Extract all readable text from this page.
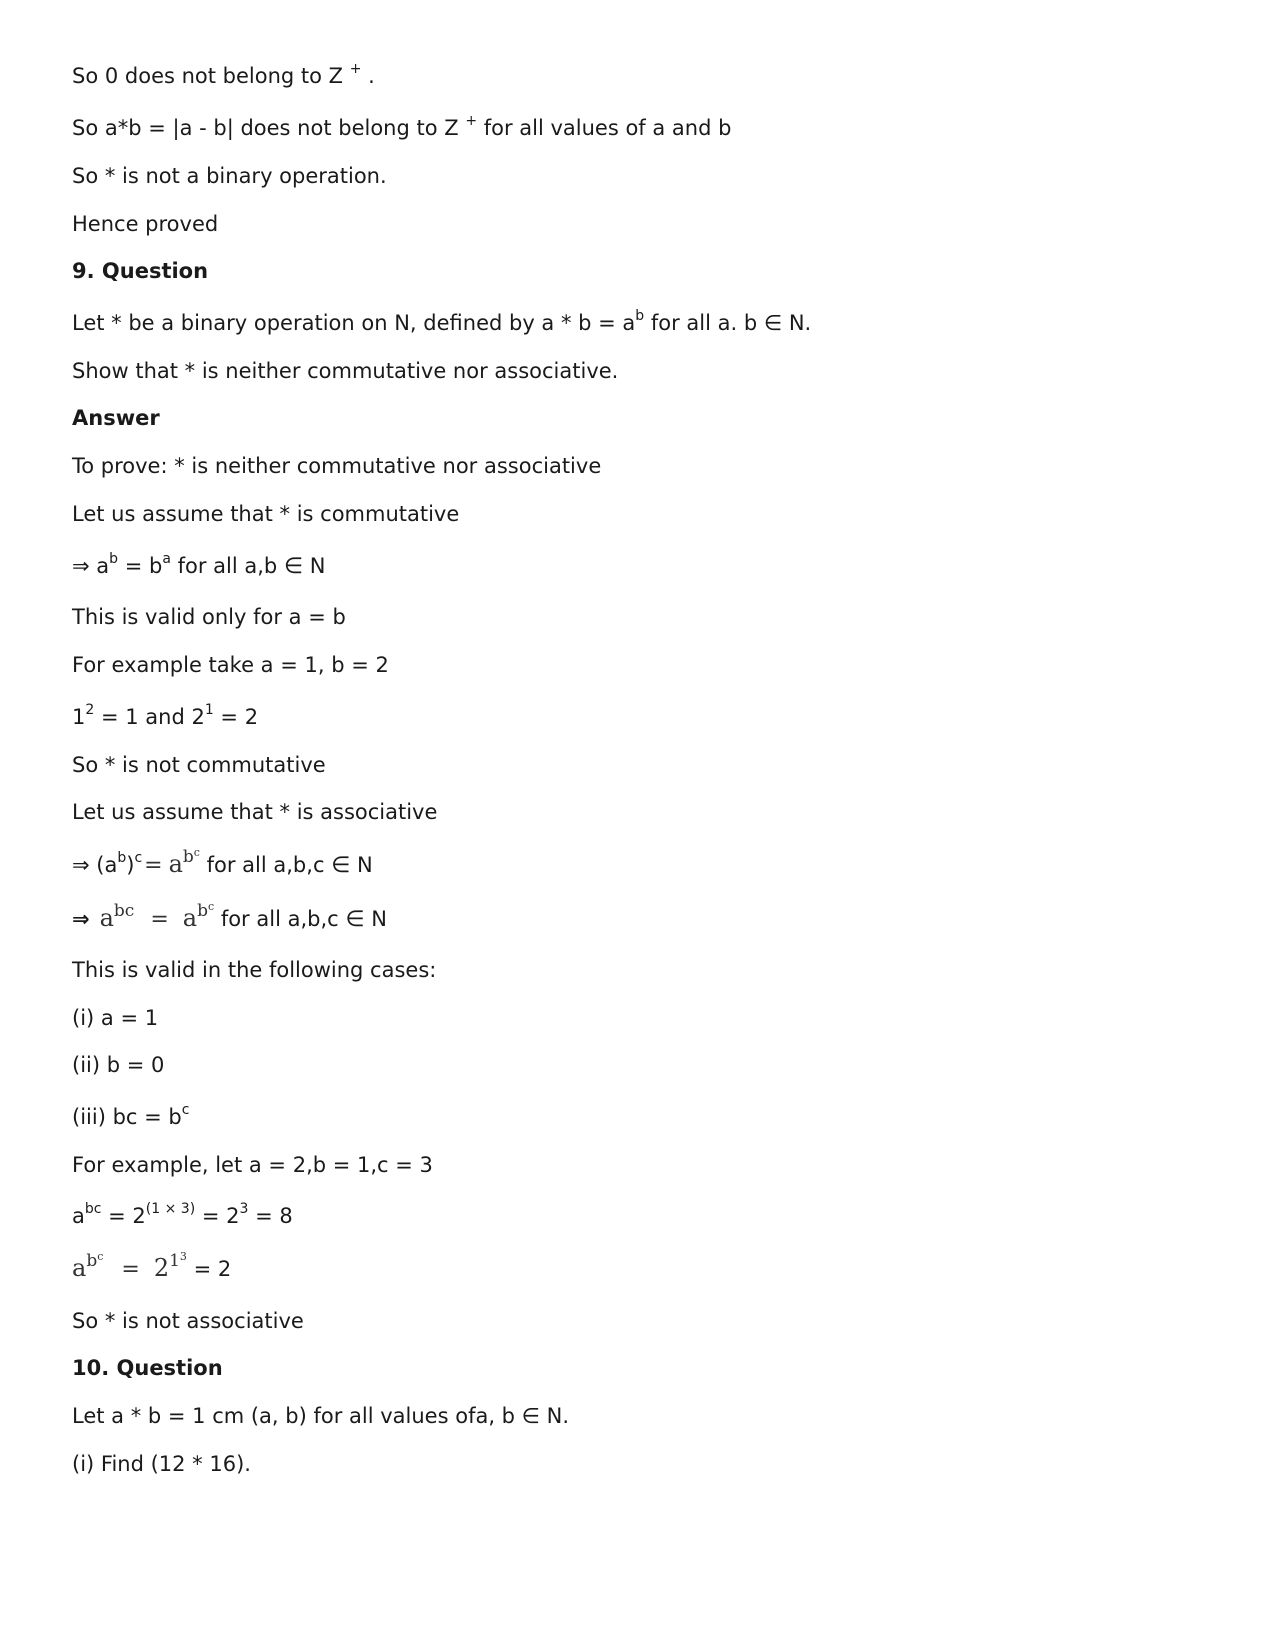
So 0 does not belong to Z + .
So a*b = |a - b| does not belong to Z + for all values of a and b
So * is not a binary operation.
Hence proved
9. Question
Let * be a binary operation on N, defined by $a * b = a^b$ for all a. b ∈ N.
Show that * is neither commutative nor associative.
Answer
To prove: * is neither commutative nor associative
Let us assume that * is commutative
⇒ $a^b = b^a$ for all a,b ∈ N
This is valid only for a = b
For example take a = 1, b = 2
$1^2 = 1$ and $2^1 = 2$
So * is not commutative
Let us assume that * is associative
⇒ $(a^b)^c= a^{b^c}$ for all a,b,c ∈ N
⇒ $a^{bc} = a^{b^c}$ for all a,b,c ∈ N
This is valid in the following cases:
(i) a = 1
(ii) b = 0
(iii) bc = $b^c$
For example, let a = 2,b = 1,c = 3
$a^{bc} = 2^{(1 \times 3)} = 2^3 = 8$
$a^{b^c}= 2^{1^3} = 2$
So * is not associative
10. Question
Let a * b = 1 cm (a, b) for all values ofa, b ∈ N.
(i) Find (12 * 16).
